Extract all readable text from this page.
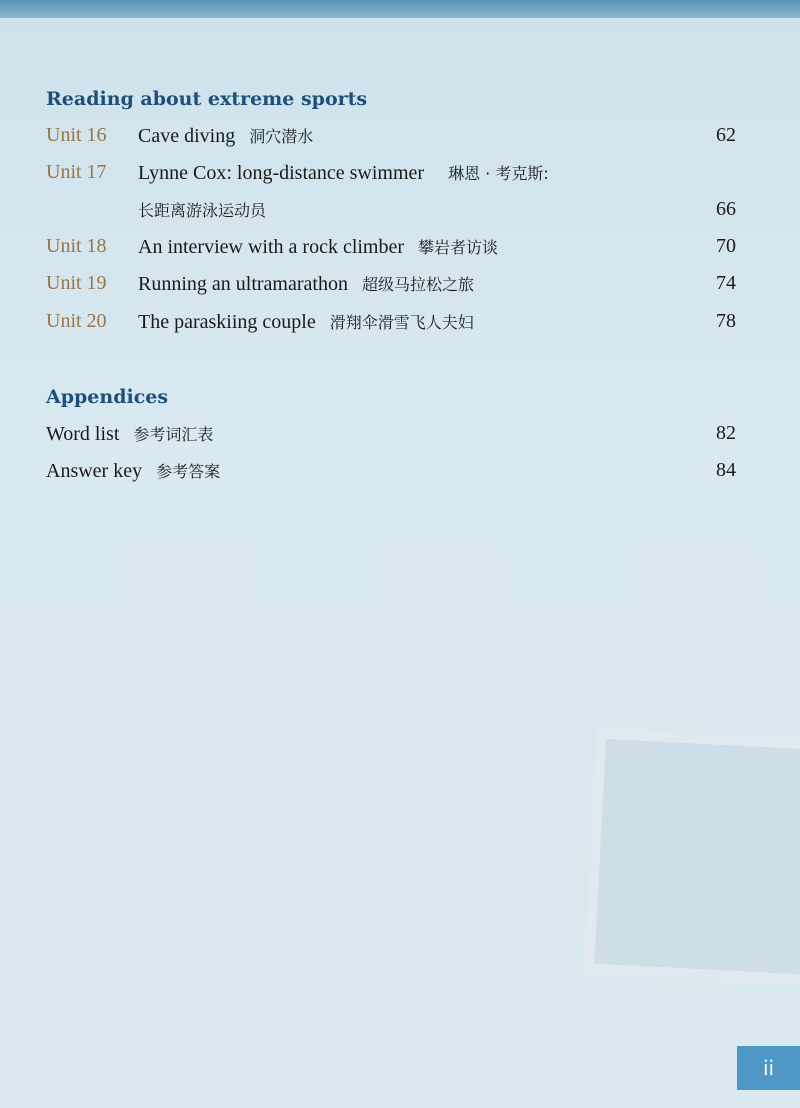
Reading about extreme sports
Unit 16 Cave diving 洞穴潜水	62
Unit 17 Lynne Cox: long-distance swimmer 琳恩 · 考克斯:
长距离游泳运动员	66
Unit 18 An interview with a rock climber 攀岩者访谈	70
Unit 19 Running an ultramarathon 超级马拉松之旅	74
Unit 20 The paraskiing couple 滑翔伞滑雪飞人夫妇	78
Appendices
Word list 参考词汇表	82
Answer key 参考答案	84
ii
